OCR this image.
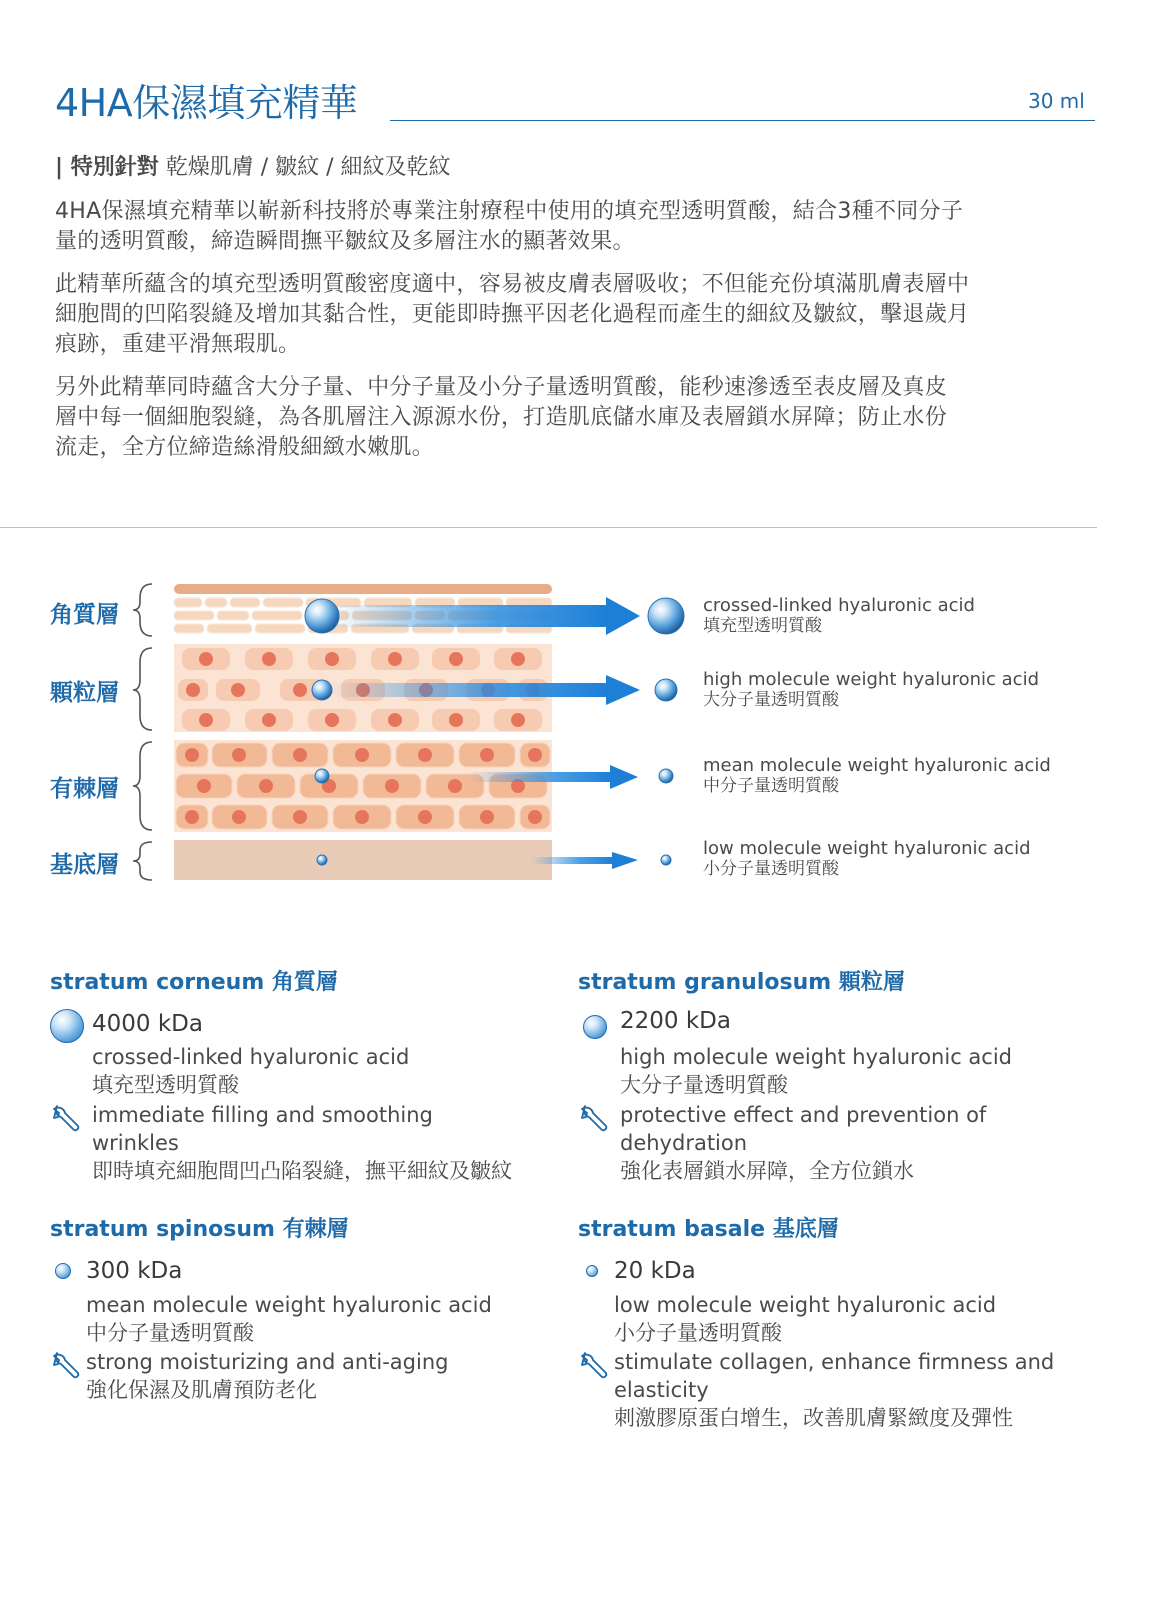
4HA保濕填充精華	30 ml
| 特別針對 乾燥肌膚 / 皺紋 / 細紋及乾紋
4HA保濕填充精華以嶄新科技將於專業注射療程中使用的填充型透明質酸，結合3種不同分子
量的透明質酸，締造瞬間撫平皺紋及多層注水的顯著效果。
此精華所蘊含的填充型透明質酸密度適中，容易被皮膚表層吸收；不但能充份填滿肌膚表層中
細胞間的凹陷裂縫及增加其黏合性，更能即時撫平因老化過程而產生的細紋及皺紋，擊退歲月
痕跡，重建平滑無瑕肌。
另外此精華同時蘊含大分子量、中分子量及小分子量透明質酸，能秒速滲透至表皮層及真皮
層中每一個細胞裂縫，為各肌層注入源源水份，打造肌底儲水庫及表層鎖水屏障；防止水份
流走，全方位締造絲滑般細緻水嫩肌。
角質層
顆粒層
有棘層
基底層
crossed-linked hyaluronic acid
填充型透明質酸
high molecule weight hyaluronic acid
大分子量透明質酸
mean molecule weight hyaluronic acid
中分子量透明質酸
low molecule weight hyaluronic acid
小分子量透明質酸
stratum corneum 角質層
4000 kDa
crossed-linked hyaluronic acid
填充型透明質酸
immediate filling and smoothing
wrinkles
即時填充細胞間凹凸陷裂縫，撫平細紋及皺紋
stratum granulosum 顆粒層
2200 kDa
high molecule weight hyaluronic acid
大分子量透明質酸
protective effect and prevention of
dehydration
強化表層鎖水屏障，全方位鎖水
stratum spinosum 有棘層
300 kDa
mean molecule weight hyaluronic acid
中分子量透明質酸
strong moisturizing and anti-aging
強化保濕及肌膚預防老化
stratum basale 基底層
20 kDa
low molecule weight hyaluronic acid
小分子量透明質酸
stimulate collagen, enhance firmness and
elasticity
刺激膠原蛋白增生，改善肌膚緊緻度及彈性
